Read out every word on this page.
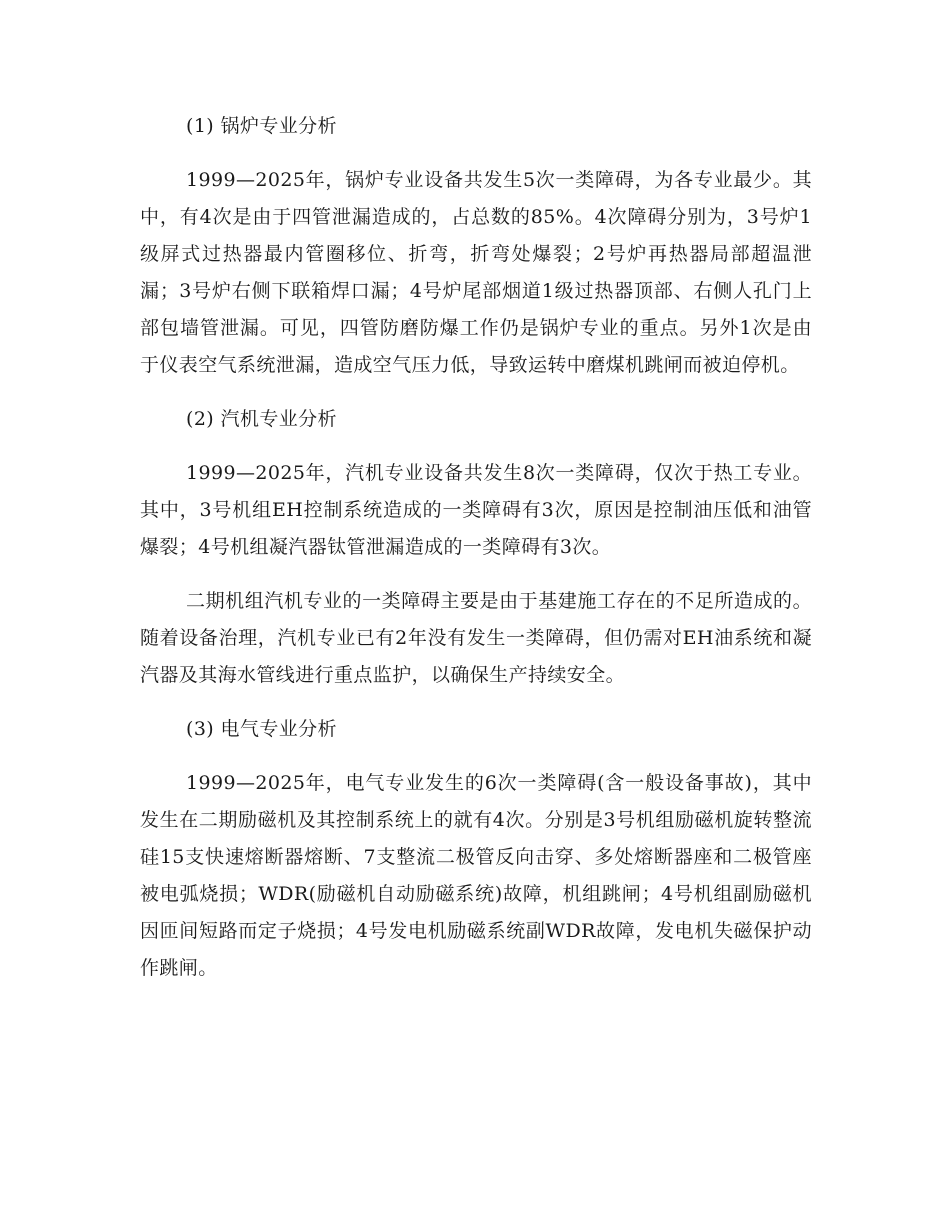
(1) 锅炉专业分析
1999—2025年，锅炉专业设备共发生5次一类障碍，为各专业最少。其中，有4次是由于四管泄漏造成的，占总数的85%。4次障碍分别为，3号炉1级屏式过热器最内管圈移位、折弯，折弯处爆裂；2号炉再热器局部超温泄漏；3号炉右侧下联箱焊口漏；4号炉尾部烟道1级过热器顶部、右侧人孔门上部包墙管泄漏。可见，四管防磨防爆工作仍是锅炉专业的重点。另外1次是由于仪表空气系统泄漏，造成空气压力低，导致运转中磨煤机跳闸而被迫停机。
(2) 汽机专业分析
1999—2025年，汽机专业设备共发生8次一类障碍，仅次于热工专业。其中，3号机组EH控制系统造成的一类障碍有3次，原因是控制油压低和油管爆裂；4号机组凝汽器钛管泄漏造成的一类障碍有3次。
二期机组汽机专业的一类障碍主要是由于基建施工存在的不足所造成的。随着设备治理，汽机专业已有2年没有发生一类障碍，但仍需对EH油系统和凝汽器及其海水管线进行重点监护，以确保生产持续安全。
(3) 电气专业分析
1999—2025年，电气专业发生的6次一类障碍(含一般设备事故)，其中发生在二期励磁机及其控制系统上的就有4次。分别是3号机组励磁机旋转整流硅15支快速熔断器熔断、7支整流二极管反向击穿、多处熔断器座和二极管座被电弧烧损；WDR(励磁机自动励磁系统)故障，机组跳闸；4号机组副励磁机因匝间短路而定子烧损；4号发电机励磁系统副WDR故障，发电机失磁保护动作跳闸。
